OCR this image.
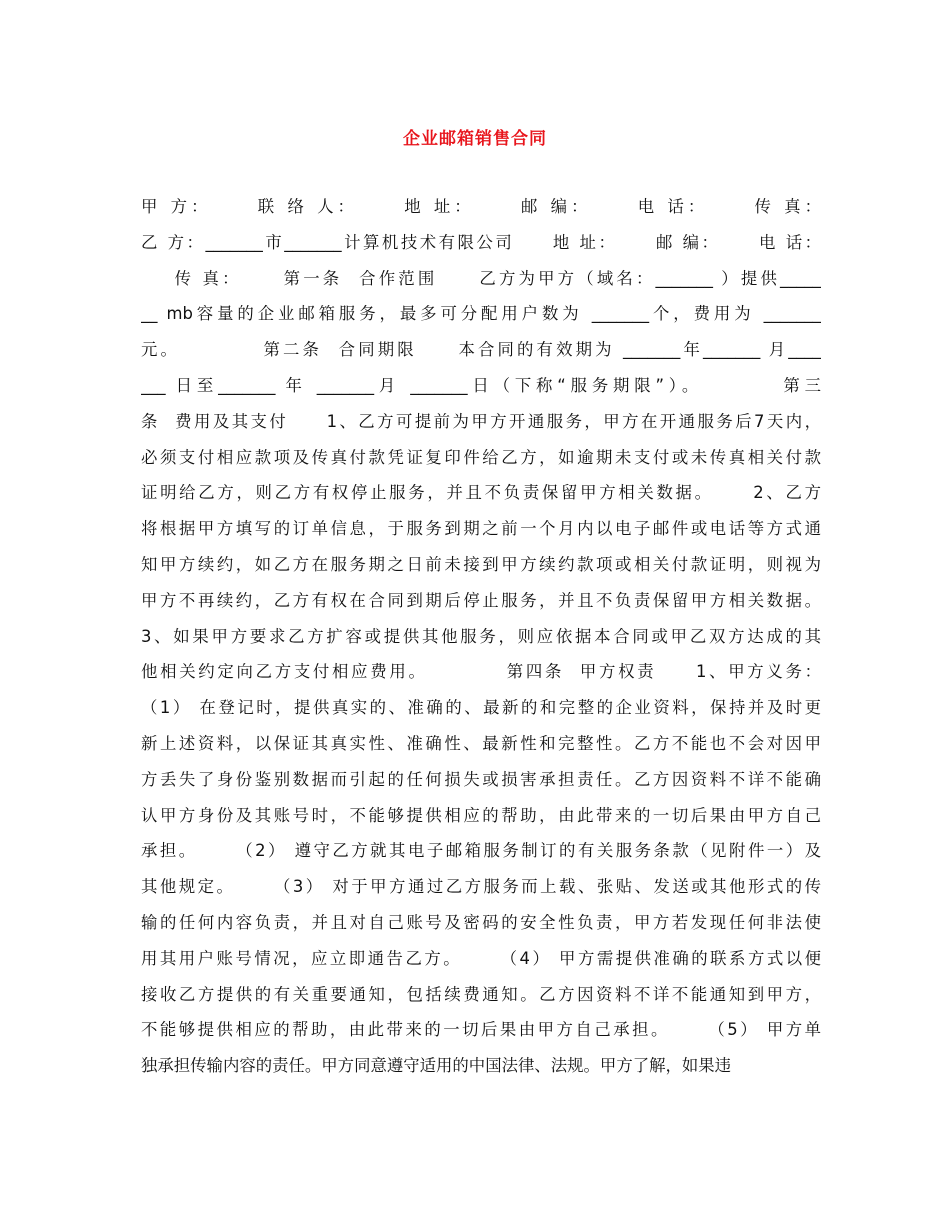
企业邮箱销售合同
甲 方：     联 络 人：     地 址：     邮 编：     电 话：     传 真：
乙 方：_______市_______计算机技术有限公司     地 址：     邮 编：     电 话：
传 真：     第一条  合作范围     乙方为甲方（域名：_______ ）提供_____
__ mb容量的企业邮箱服务，最多可分配用户数为 _______个，费用为 _______
元。          第二条  合同期限     本合同的有效期为 _______年_______ 月____
___ 日至_______ 年 _______月 _______日（下称“服务期限”）。        第三
条  费用及其支付     1、乙方可提前为甲方开通服务，甲方在开通服务后7天内，
必须支付相应款项及传真付款凭证复印件给乙方，如逾期未支付或未传真相关付款
证明给乙方，则乙方有权停止服务，并且不负责保留甲方相关数据。     2、乙方
将根据甲方填写的订单信息，于服务到期之前一个月内以电子邮件或电话等方式通
知甲方续约，如乙方在服务期之日前未接到甲方续约款项或相关付款证明，则视为
甲方不再续约，乙方有权在合同到期后停止服务，并且不负责保留甲方相关数据。
3、如果甲方要求乙方扩容或提供其他服务，则应依据本合同或甲乙双方达成的其
他相关约定向乙方支付相应费用。          第四条  甲方权责     1、甲方义务：
（1） 在登记时，提供真实的、准确的、最新的和完整的企业资料，保持并及时更
新上述资料，以保证其真实性、准确性、最新性和完整性。乙方不能也不会对因甲
方丢失了身份鉴别数据而引起的任何损失或损害承担责任。乙方因资料不详不能确
认甲方身份及其账号时，不能够提供相应的帮助，由此带来的一切后果由甲方自己
承担。     （2） 遵守乙方就其电子邮箱服务制订的有关服务条款（见附件一）及
其他规定。     （3） 对于甲方通过乙方服务而上载、张贴、发送或其他形式的传
输的任何内容负责，并且对自己账号及密码的安全性负责，甲方若发现任何非法使
用其用户账号情况，应立即通告乙方。     （4） 甲方需提供准确的联系方式以便
接收乙方提供的有关重要通知，包括续费通知。乙方因资料不详不能通知到甲方，
不能够提供相应的帮助，由此带来的一切后果由甲方自己承担。     （5） 甲方单
独承担传输内容的责任。甲方同意遵守适用的中国法律、法规。甲方了解，如果违
